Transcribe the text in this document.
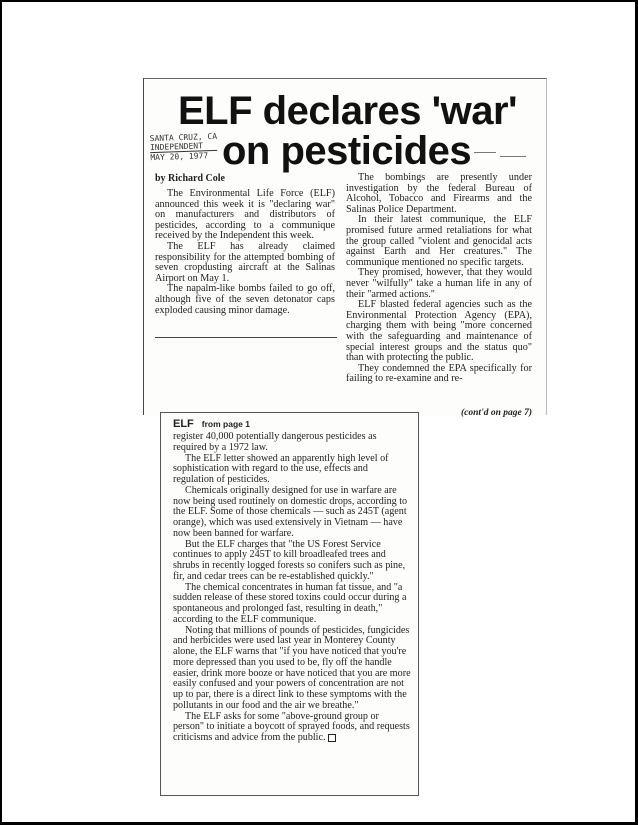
ELF declares 'war'
on pesticides
SANTA CRUZ, CA
INDEPENDENT
MAY 20, 1977
by Richard Cole

The Environmental Life Force (ELF) announced this week it is "declaring war" on manufacturers and distributors of pesticides, according to a communique received by the Independent this week.

The ELF has already claimed responsibility for the attempted bombing of seven cropdusting aircraft at the Salinas Airport on May 1.

The napalm-like bombs failed to go off, although five of the seven detonator caps exploded causing minor damage.

The bombings are presently under investigation by the federal Bureau of Alcohol, Tobacco and Firearms and the Salinas Police Department.

In their latest communique, the ELF promised future armed retaliations for what the group called "violent and genocidal acts against Earth and Her creatures." The communique mentioned no specific targets.

They promised, however, that they would never "wilfully" take a human life in any of their "armed actions."

ELF blasted federal agencies such as the Environmental Protection Agency (EPA), charging them with being "more concerned with the safeguarding and maintenance of special interest groups and the status quo" than with protecting the public.

They condemned the EPA specifically for failing to re-examine and re-

(cont'd on page 7)
ELF from page 1

register 40,000 potentially dangerous pesticides as required by a 1972 law.

The ELF letter showed an apparently high level of sophistication with regard to the use, effects and regulation of pesticides.

Chemicals originally designed for use in warfare are now being used routinely on domestic drops, according to the ELF. Some of those chemicals — such as 245T (agent orange), which was used extensively in Vietnam — have now been banned for warfare.

But the ELF charges that "the US Forest Service continues to apply 245T to kill broadleafed trees and shrubs in recently logged forests so conifers such as pine, fir, and cedar trees can be re-established quickly."

The chemical concentrates in human fat tissue, and "a sudden release of these stored toxins could occur during a spontaneous and prolonged fast, resulting in death," according to the ELF communique.

Noting that millions of pounds of pesticides, fungicides and herbicides were used last year in Monterey County alone, the ELF warns that "if you have noticed that you're more depressed than you used to be, fly off the handle easier, drink more booze or have noticed that you are more easily confused and your powers of concentration are not up to par, there is a direct link to these symptoms with the pollutants in our food and the air we breathe."

The ELF asks for some "above-ground group or person" to initiate a boycott of sprayed foods, and requests criticisms and advice from the public.
